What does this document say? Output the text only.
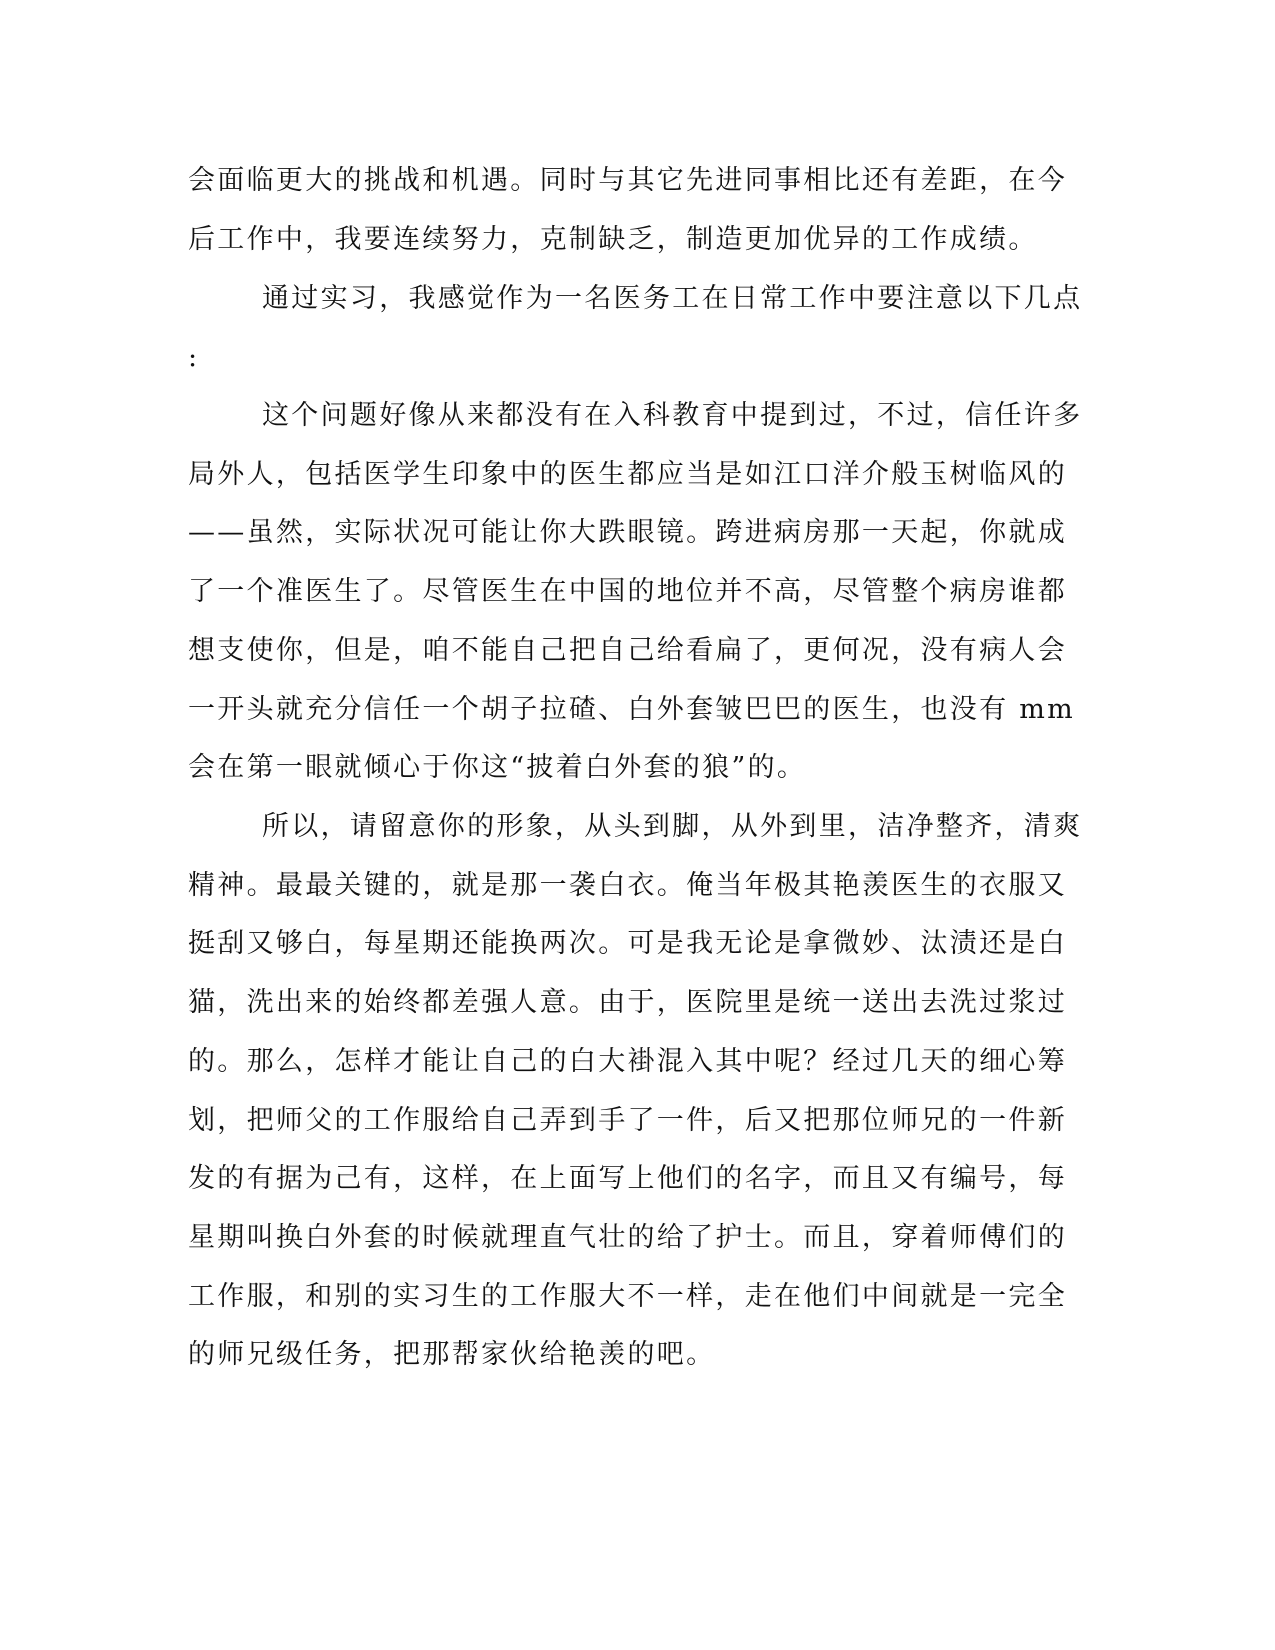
会面临更大的挑战和机遇。同时与其它先进同事相比还有差距，在今
后工作中，我要连续努力，克制缺乏，制造更加优异的工作成绩。
通过实习，我感觉作为一名医务工在日常工作中要注意以下几点
:
这个问题好像从来都没有在入科教育中提到过，不过，信任许多
局外人，包括医学生印象中的医生都应当是如江口洋介般玉树临风的
——虽然，实际状况可能让你大跌眼镜。跨进病房那一天起，你就成
了一个准医生了。尽管医生在中国的地位并不高，尽管整个病房谁都
想支使你，但是，咱不能自己把自己给看扁了，更何况，没有病人会
一开头就充分信任一个胡子拉碴、白外套皱巴巴的医生，也没有 mm
会在第一眼就倾心于你这“披着白外套的狼”的。
所以，请留意你的形象，从头到脚，从外到里，洁净整齐，清爽
精神。最最关键的，就是那一袭白衣。俺当年极其艳羡医生的衣服又
挺刮又够白，每星期还能换两次。可是我无论是拿微妙、汰渍还是白
猫，洗出来的始终都差强人意。由于，医院里是统一送出去洗过浆过
的。那么，怎样才能让自己的白大褂混入其中呢？经过几天的细心筹
划，把师父的工作服给自己弄到手了一件，后又把那位师兄的一件新
发的有据为己有，这样，在上面写上他们的名字，而且又有编号，每
星期叫换白外套的时候就理直气壮的给了护士。而且，穿着师傅们的
工作服，和别的实习生的工作服大不一样，走在他们中间就是一完全
的师兄级任务，把那帮家伙给艳羡的吧。
